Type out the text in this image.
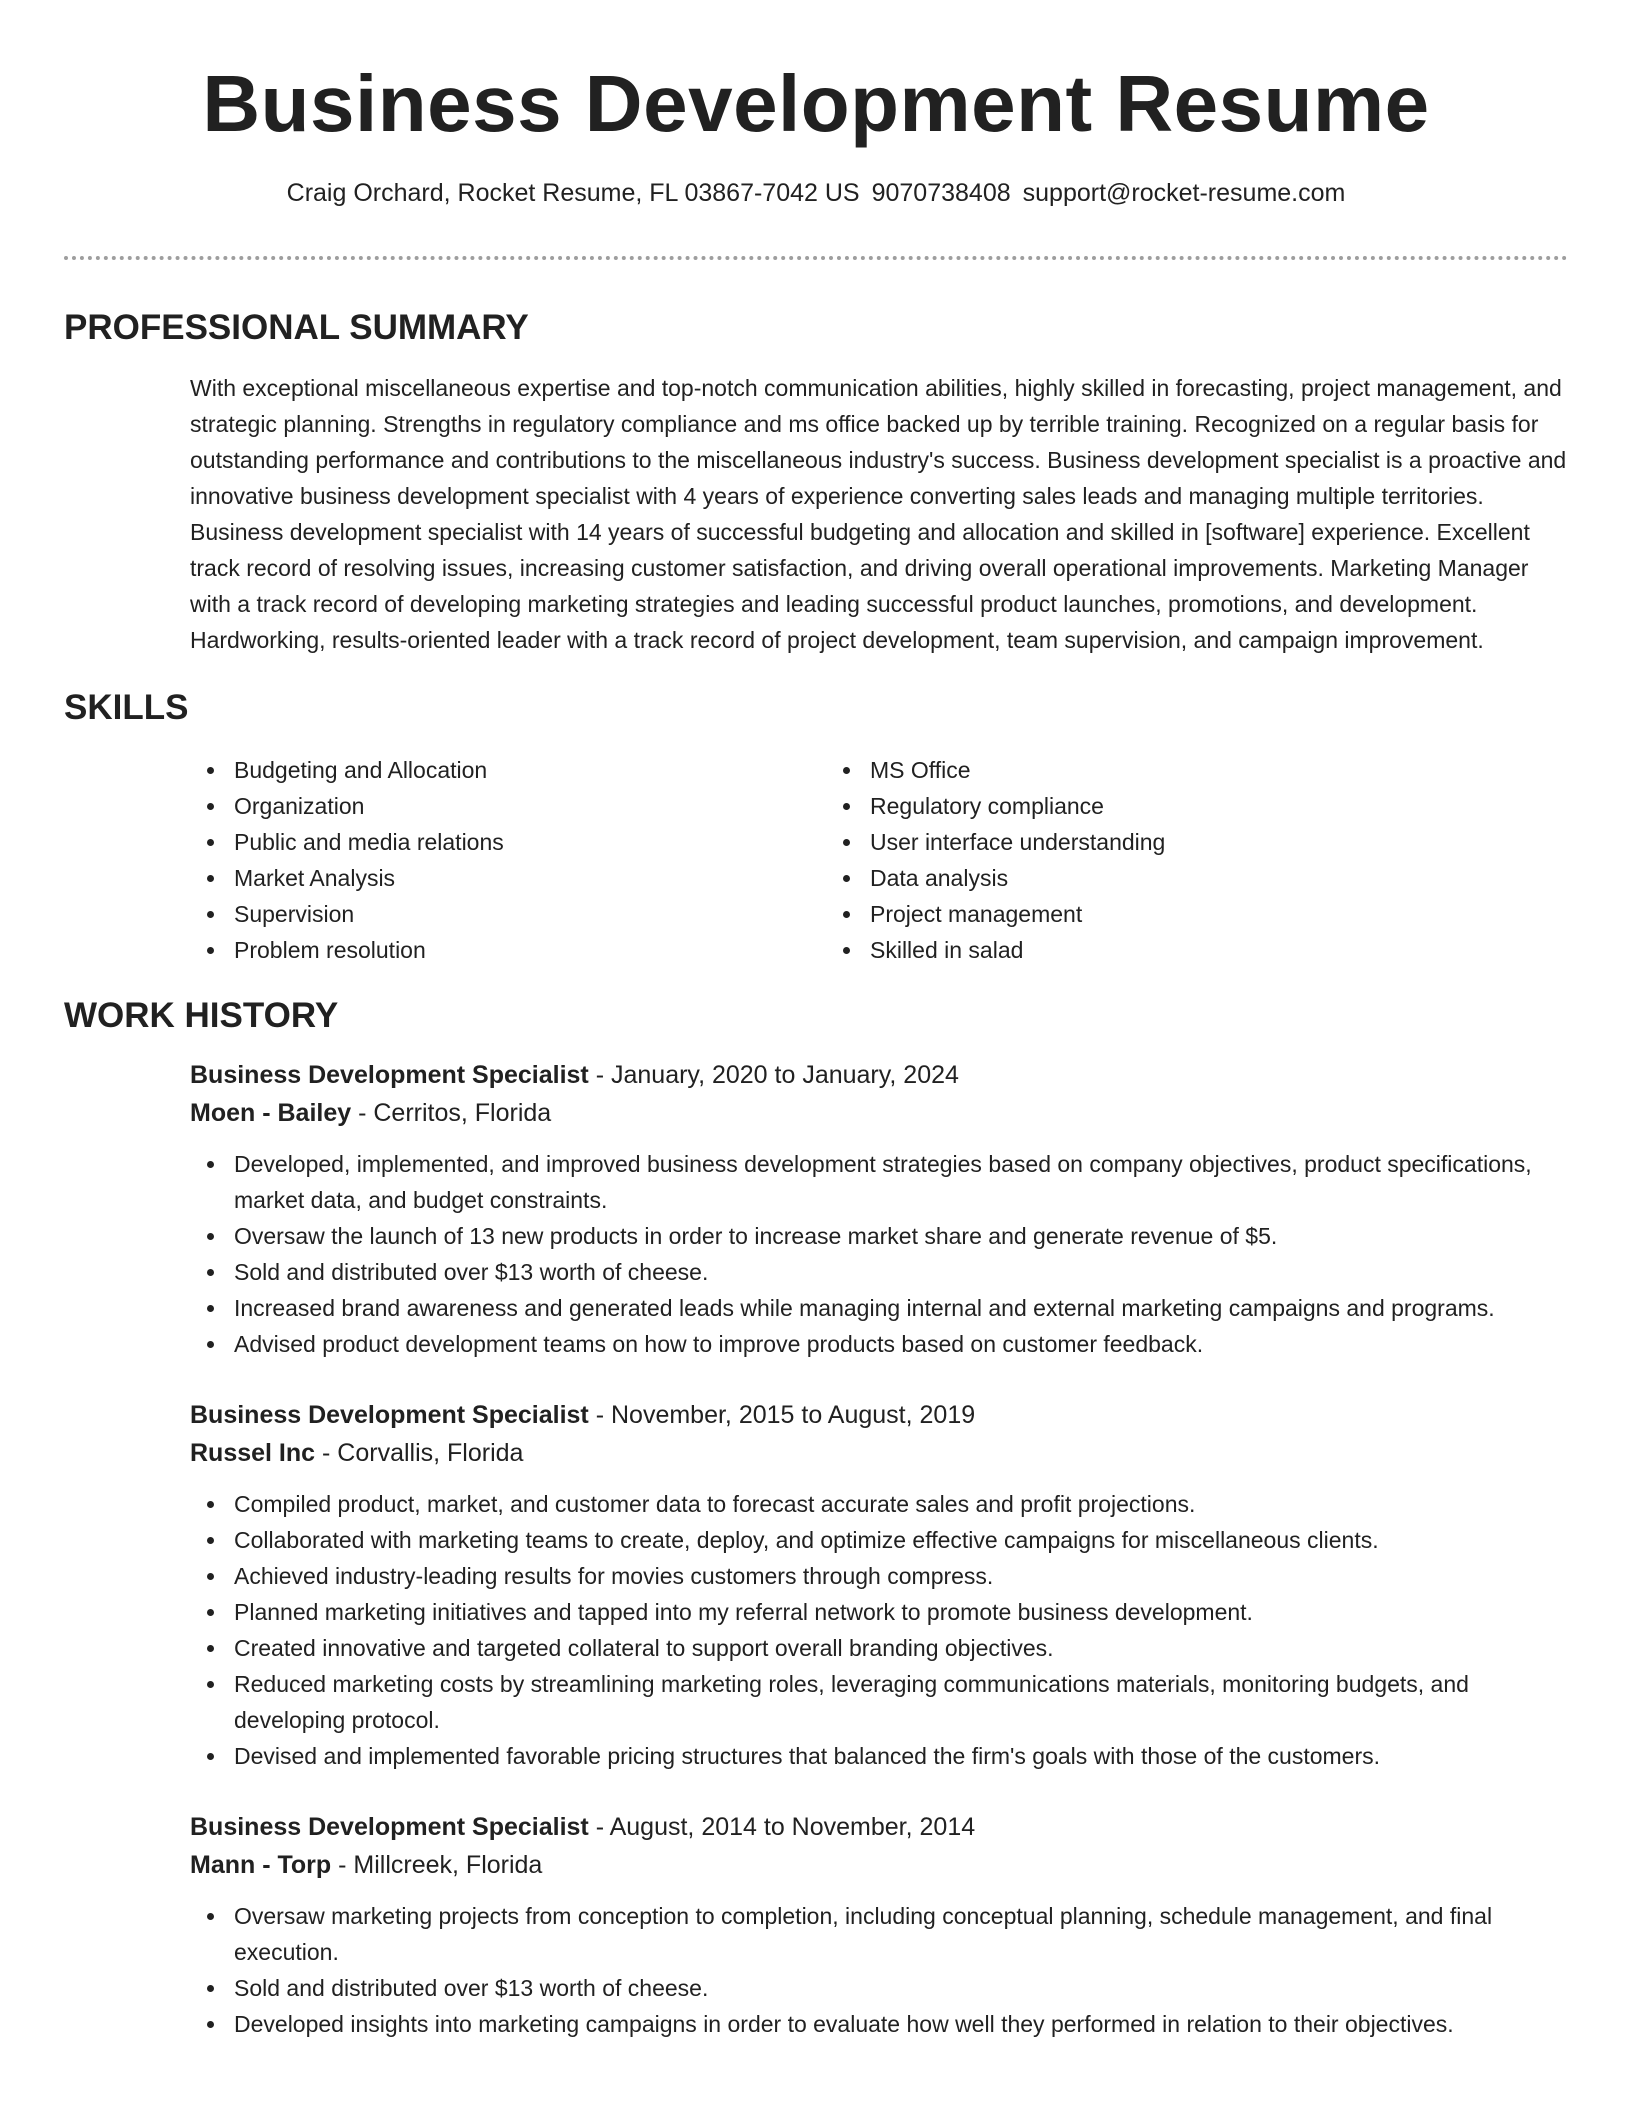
Business Development Resume
Craig Orchard, Rocket Resume, FL 03867-7042 US 9070738408 support@rocket-resume.com
PROFESSIONAL SUMMARY
With exceptional miscellaneous expertise and top-notch communication abilities, highly skilled in forecasting, project management, and strategic planning. Strengths in regulatory compliance and ms office backed up by terrible training. Recognized on a regular basis for outstanding performance and contributions to the miscellaneous industry's success. Business development specialist is a proactive and innovative business development specialist with 4 years of experience converting sales leads and managing multiple territories. Business development specialist with 14 years of successful budgeting and allocation and skilled in [software] experience. Excellent track record of resolving issues, increasing customer satisfaction, and driving overall operational improvements. Marketing Manager with a track record of developing marketing strategies and leading successful product launches, promotions, and development. Hardworking, results-oriented leader with a track record of project development, team supervision, and campaign improvement.
SKILLS
Budgeting and Allocation
Organization
Public and media relations
Market Analysis
Supervision
Problem resolution
MS Office
Regulatory compliance
User interface understanding
Data analysis
Project management
Skilled in salad
WORK HISTORY
Business Development Specialist - January, 2020 to January, 2024
Moen - Bailey - Cerritos, Florida
Developed, implemented, and improved business development strategies based on company objectives, product specifications, market data, and budget constraints.
Oversaw the launch of 13 new products in order to increase market share and generate revenue of $5.
Sold and distributed over $13 worth of cheese.
Increased brand awareness and generated leads while managing internal and external marketing campaigns and programs.
Advised product development teams on how to improve products based on customer feedback.
Business Development Specialist - November, 2015 to August, 2019
Russel Inc - Corvallis, Florida
Compiled product, market, and customer data to forecast accurate sales and profit projections.
Collaborated with marketing teams to create, deploy, and optimize effective campaigns for miscellaneous clients.
Achieved industry-leading results for movies customers through compress.
Planned marketing initiatives and tapped into my referral network to promote business development.
Created innovative and targeted collateral to support overall branding objectives.
Reduced marketing costs by streamlining marketing roles, leveraging communications materials, monitoring budgets, and developing protocol.
Devised and implemented favorable pricing structures that balanced the firm's goals with those of the customers.
Business Development Specialist - August, 2014 to November, 2014
Mann - Torp - Millcreek, Florida
Oversaw marketing projects from conception to completion, including conceptual planning, schedule management, and final execution.
Sold and distributed over $13 worth of cheese.
Developed insights into marketing campaigns in order to evaluate how well they performed in relation to their objectives.
